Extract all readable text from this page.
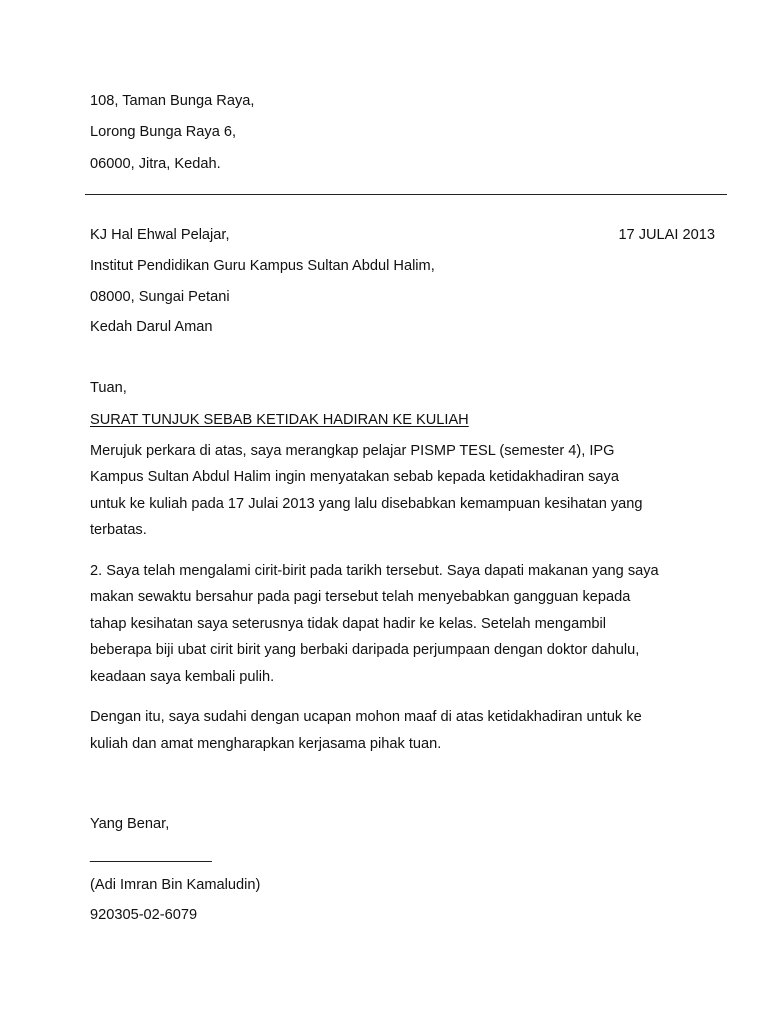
108, Taman Bunga Raya,
Lorong Bunga Raya 6,
06000, Jitra, Kedah.
KJ Hal Ehwal Pelajar,	17 JULAI 2013
Institut Pendidikan Guru Kampus Sultan Abdul Halim,
08000, Sungai Petani
Kedah Darul Aman
Tuan,
SURAT TUNJUK SEBAB KETIDAK HADIRAN KE KULIAH
Merujuk perkara di atas, saya merangkap pelajar PISMP TESL (semester 4), IPG
Kampus Sultan Abdul Halim ingin menyatakan sebab kepada ketidakhadiran saya
untuk ke kuliah pada 17 Julai 2013 yang lalu disebabkan kemampuan kesihatan yang
terbatas.
2. Saya telah mengalami cirit-birit pada tarikh tersebut. Saya dapati makanan yang saya
makan sewaktu bersahur pada pagi tersebut telah menyebabkan gangguan kepada
tahap kesihatan saya seterusnya tidak dapat hadir ke kelas. Setelah mengambil
beberapa biji ubat cirit birit yang berbaki daripada perjumpaan dengan doktor dahulu,
keadaan saya kembali pulih.
Dengan itu, saya sudahi dengan ucapan mohon maaf di atas ketidakhadiran untuk ke
kuliah dan amat mengharapkan kerjasama pihak tuan.
Yang Benar,
_______________
(Adi Imran Bin Kamaludin)
920305-02-6079
